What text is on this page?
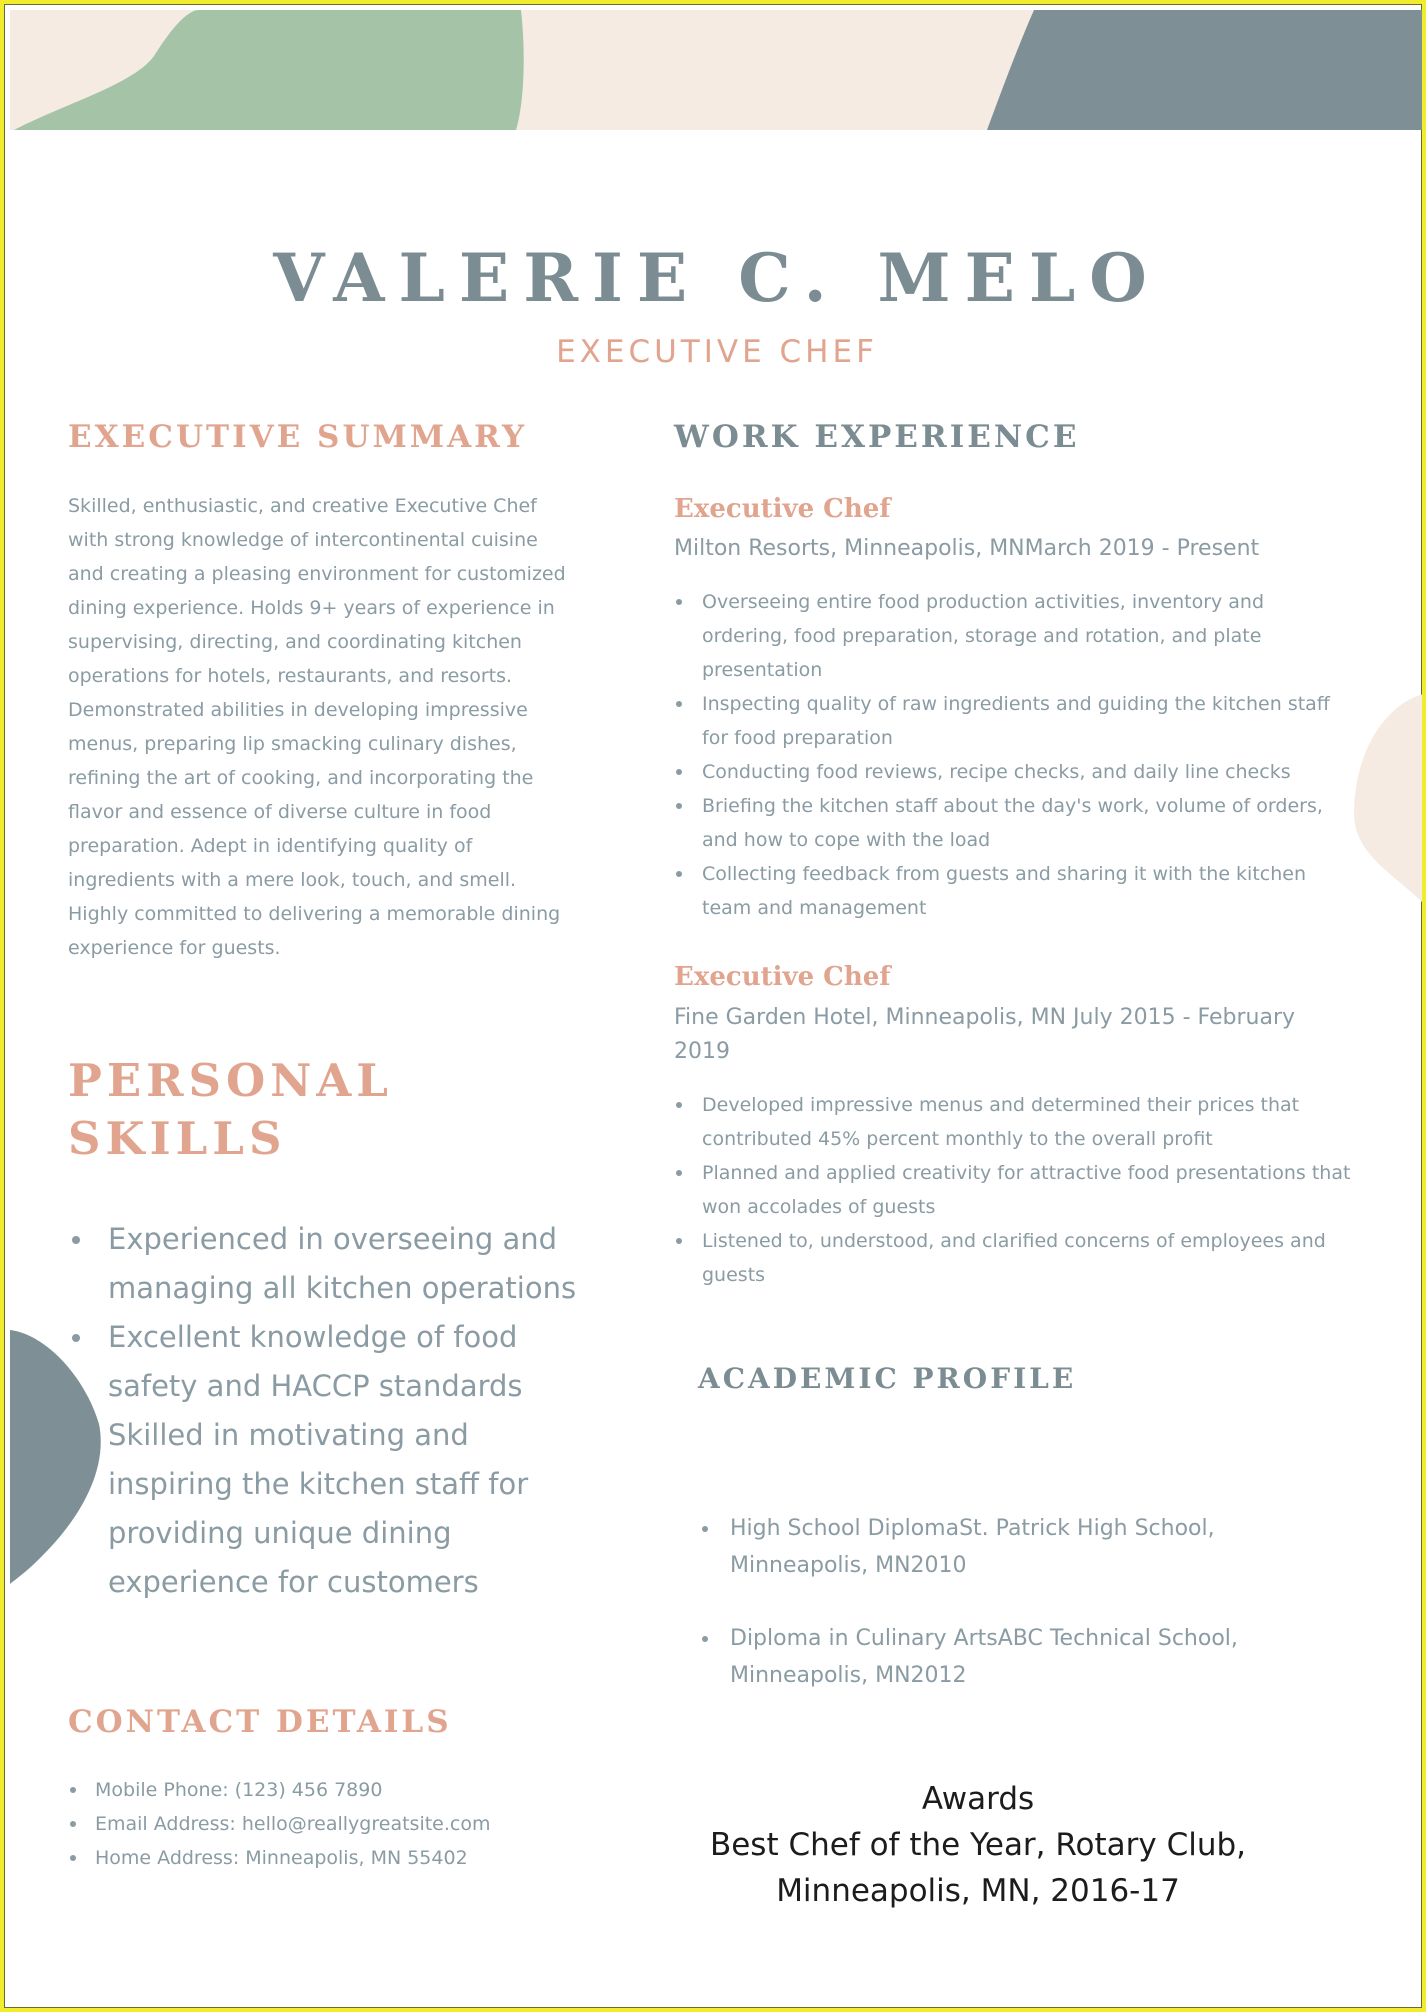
VALERIE C. MELO
EXECUTIVE CHEF
EXECUTIVE SUMMARY

Skilled, enthusiastic, and creative Executive Chef with strong knowledge of intercontinental cuisine and creating a pleasing environment for customized dining experience. Holds 9+ years of experience in supervising, directing, and coordinating kitchen operations for hotels, restaurants, and resorts. Demonstrated abilities in developing impressive menus, preparing lip smacking culinary dishes, refining the art of cooking, and incorporating the flavor and essence of diverse culture in food preparation. Adept in identifying quality of ingredients with a mere look, touch, and smell. Highly committed to delivering a memorable dining experience for guests.

PERSONAL
SKILLS
Experienced in overseeing and managing all kitchen operations
Excellent knowledge of food safety and HACCP standards
Skilled in motivating and inspiring the kitchen staff for providing unique dining experience for customers
CONTACT DETAILS
Mobile Phone: (123) 456 7890
Email Address: hello@reallygreatsite.com
Home Address: Minneapolis, MN 55402
WORK EXPERIENCE
Executive Chef

Milton Resorts, Minneapolis, MNMarch 2019 - Present

Overseeing entire food production activities, inventory and ordering, food preparation, storage and rotation, and plate presentation
Inspecting quality of raw ingredients and guiding the kitchen staff for food preparation
Conducting food reviews, recipe checks, and daily line checks
Briefing the kitchen staff about the day's work, volume of orders, and how to cope with the load
Collecting feedback from guests and sharing it with the kitchen team and management
Executive Chef

Fine Garden Hotel, Minneapolis, MN July 2015 - February 2019

Developed impressive menus and determined their prices that contributed 45% percent monthly to the overall profit
Planned and applied creativity for attractive food presentations that won accolades of guests
Listened to, understood, and clarified concerns of employees and guests
ACADEMIC PROFILE
High School DiplomaSt. Patrick High School, Minneapolis, MN2010
Diploma in Culinary ArtsABC Technical School, Minneapolis, MN2012
Awards
Best Chef of the Year, Rotary Club,
Minneapolis, MN, 2016-17
